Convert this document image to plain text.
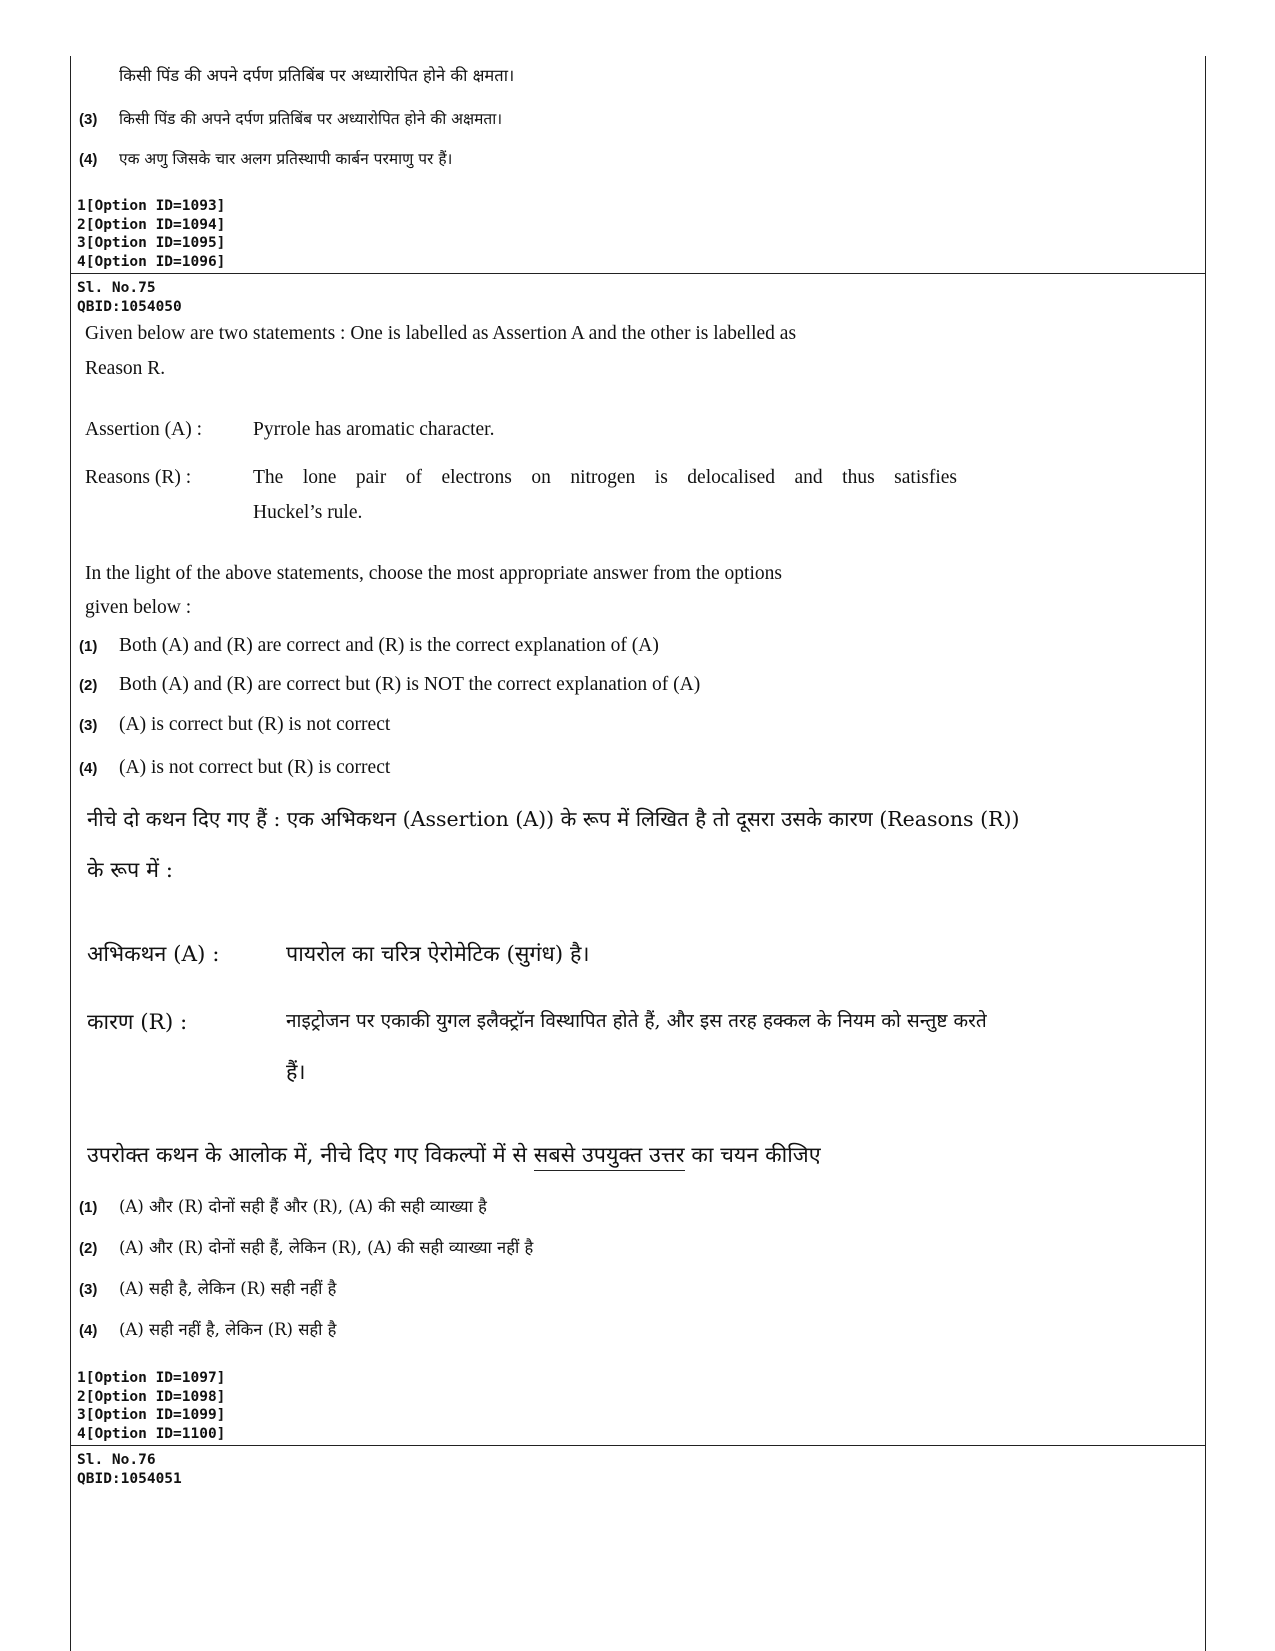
किसी पिंड की अपने दर्पण प्रतिबिंब पर अध्यारोपित होने की क्षमता।
(3) किसी पिंड की अपने दर्पण प्रतिबिंब पर अध्यारोपित होने की अक्षमता।
(4) एक अणु जिसके चार अलग प्रतिस्थापी कार्बन परमाणु पर हैं।
1[Option ID=1093]
2[Option ID=1094]
3[Option ID=1095]
4[Option ID=1096]
Sl. No.75
QBID:1054050
Given below are two statements : One is labelled as Assertion A and the other is labelled as
Reason R.
Assertion (A) :	Pyrrole has aromatic character.
Reasons (R) :	The lone pair of electrons on nitrogen is delocalised and thus satisfies
Huckel’s rule.
In the light of the above statements, choose the most appropriate answer from the options
given below :
(1) Both (A) and (R) are correct and (R) is the correct explanation of (A)
(2) Both (A) and (R) are correct but (R) is NOT the correct explanation of (A)
(3) (A) is correct but (R) is not correct
(4) (A) is not correct but (R) is correct
नीचे दो कथन दिए गए हैं : एक अभिकथन (Assertion (A)) के रूप में लिखित है तो दूसरा उसके कारण (Reasons (R))
के रूप में :
अभिकथन (A) :	पायरोल का चरित्र ऐरोमेटिक (सुगंध) है।
कारण (R) :	नाइट्रोजन पर एकाकी युगल इलैक्ट्रॉन विस्थापित होते हैं, और इस तरह हक्कल के नियम को सन्तुष्ट करते
हैं।
उपरोक्त कथन के आलोक में, नीचे दिए गए विकल्पों में से सबसे उपयुक्त उत्तर का चयन कीजिए
(1) (A) और (R) दोनों सही हैं और (R), (A) की सही व्याख्या है
(2) (A) और (R) दोनों सही हैं, लेकिन (R), (A) की सही व्याख्या नहीं है
(3) (A) सही है, लेकिन (R) सही नहीं है
(4) (A) सही नहीं है, लेकिन (R) सही है
1[Option ID=1097]
2[Option ID=1098]
3[Option ID=1099]
4[Option ID=1100]
Sl. No.76
QBID:1054051
